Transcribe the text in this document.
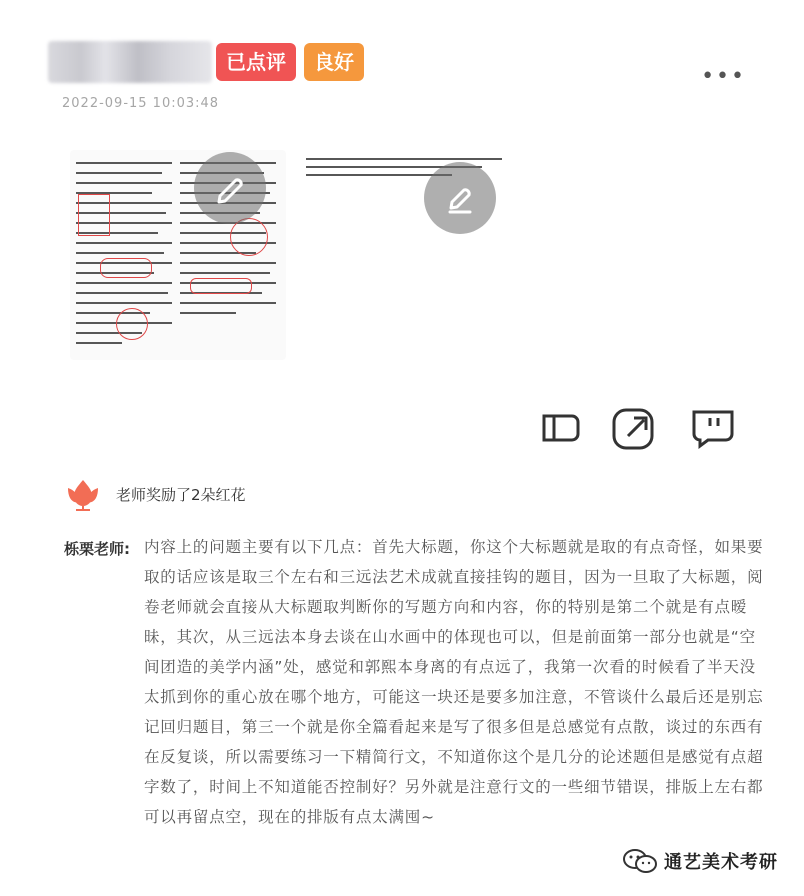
已点评	良好
•••
2022-09-15 10:03:48
老师奖励了2朵红花
栎栗老师: 内容上的问题主要有以下几点：首先大标题，你这个大标题就是取的有点奇怪，如果要取的话应该是取三个左右和三远法艺术成就直接挂钩的题目，因为一旦取了大标题，阅卷老师就会直接从大标题取判断你的写题方向和内容，你的特别是第二个就是有点暧昧，其次，从三远法本身去谈在山水画中的体现也可以，但是前面第一部分也就是“空间团造的美学内涵”处，感觉和郭熙本身离的有点远了，我第一次看的时候看了半天没太抓到你的重心放在哪个地方，可能这一块还是要多加注意，不管谈什么最后还是别忘记回归题目，第三一个就是你全篇看起来是写了很多但是总感觉有点散，谈过的东西有在反复谈，所以需要练习一下精简行文，不知道你这个是几分的论述题但是感觉有点超字数了，时间上不知道能否控制好？另外就是注意行文的一些细节错误，排版上左右都可以再留点空，现在的排版有点太满囤~
通艺美术考研
